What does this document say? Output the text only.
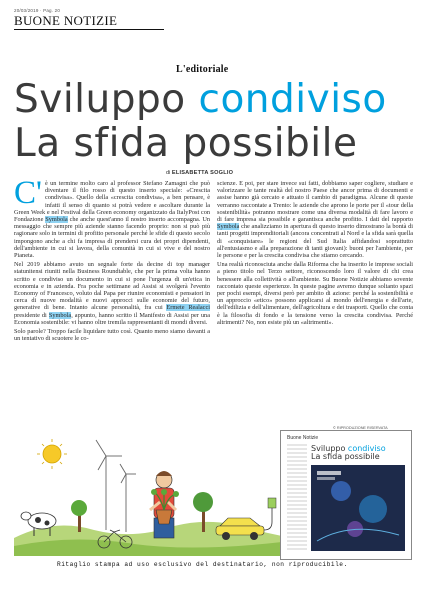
20/03/2019 · Pag. 20
BUONE NOTIZIE
L'editoriale
Sviluppo condiviso
La sfida possibile
di ELISABETTA SOGLIO

C' è un termine molto caro al professor Stefano Zamagni che può diventare il filo rosso di questo inserto speciale: «Crescita condivisa». Quello della «crescita condivisa», a ben pensare, è infatti il senso di quanto si potrà vedere e ascoltare durante la Green Week e nel Festival della Green economy organizzato da ItalyPost con Fondazione Symbola che anche quest'anno il nostro inserto accompagna. Un messaggio che sempre più aziende stanno facendo proprio: non si può più ragionare solo in termini di profitto personale perché le sfide di questo secolo impongono anche a chi fa impresa di prendersi cura dei propri dipendenti, dell'ambiente in cui si lavora, della comunità in cui si vive e del nostro Pianeta.
Nel 2019 abbiamo avuto un segnale forte da decine di top manager statunitensi riuniti nella Business Roundtable, che per la prima volta hanno scritto e condiviso un documento in cui si pone l'urgenza di un'etica in economia e in azienda. Fra poche settimane ad Assisi si svolgerà l'evento Economy of Francesco, voluto dal Papa per riunire economisti e pensatori in cerca di nuove modalità e nuovi approcci sulle economie del futuro, generative di bene. Intanto alcune personalità, fra cui Ermete Realacci presidente di Symbola, appunto, hanno scritto il Manifesto di Assisi per una Economia sostenibile: vi hanno oltre tremila rappresentanti di mondi diversi.
Solo parole? Troppo facile liquidare tutto così. Quanto meno siamo davanti a un tentativo di scuotere le co-

scienze. E poi, per stare invece sui fatti, dobbiamo saper cogliere, studiare e valorizzare le tante realtà del nostro Paese che ancor prima di documenti e assise hanno già cercato e attuato il cambio di paradigma. Alcune di queste verranno raccontate a Trento: le aziende che aprono le porte per il «tour della sostenibilità» potranno mostrare come una diversa modalità di fare lavoro e di fare impresa sia possibile e garantisca anche profitto. I dati del rapporto Symbola che analizziamo in apertura di questo inserto dimostrano la bontà di tanti progetti imprenditoriali (ancora concentrati al Nord e la sfida sarà quella di «conquistare» le regioni del Sud Italia affidandosi soprattutto all'entusiasmo e alla preparazione di tanti giovani): buoni per l'ambiente, per le persone e per la crescita condivisa che stiamo cercando.
Una realtà riconosciuta anche dalla Riforma che ha inserito le imprese sociali a pieno titolo nel Terzo settore, riconoscendo loro il valore di chi crea benessere alla collettività o all'ambiente. Su Buone Notizie abbiamo sovente raccontato queste esperienze. In queste pagine avremo dunque soltanto spazi per pochi esempi, diversi però per ambito di azione: perché la sostenibilità e un approccio «etico» possono applicarsi al mondo dell'energia e dell'arte, dell'edilizia e dell'alimentare, dell'agricoltura e dei trasporti. Quello che conta è la filosofia di fondo e la tensione verso la crescita condivisa. Perché altrimenti? No, non esiste più un «altrimenti».

© RIPRODUZIONE RISERVATA
Buone Notizie
Sviluppo condiviso
La sfida possibile
Ritaglio stampa ad uso esclusivo del destinatario, non riproducibile.
